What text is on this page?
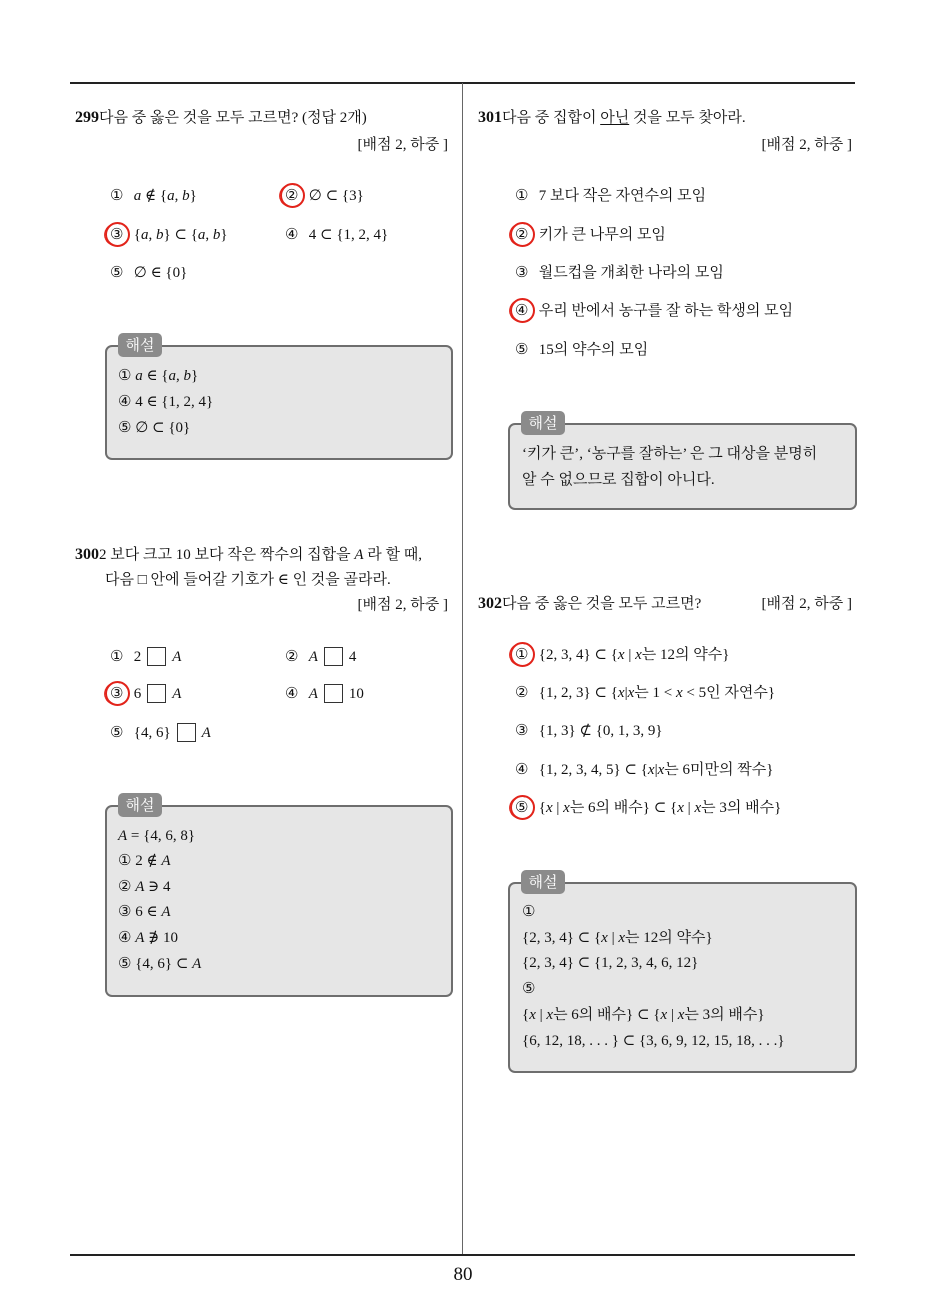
299다음 중 옳은 것을 모두 고르면? (정답 2개)
[배점 2, 하중 ]
① a ∉ {a, b}	② ∅ ⊂ {3}
③ {a, b} ⊂ {a, b}	④ 4 ⊂ {1, 2, 4}
⑤ ∅ ∈ {0}
해설
① a ∈ {a, b}
④ 4 ∈ {1, 2, 4}
⑤ ∅ ⊂ {0}
3002 보다 크고 10 보다 작은 짝수의 집합을 A 라 할 때,
다음 □ 안에 들어갈 기호가 ∈ 인 것을 골라라.
[배점 2, 하중 ]
① 2 A	② A 4
③ 6 A	④ A 10
⑤ {4, 6} A
해설
A = {4, 6, 8}
① 2 ∉ A
② A ∋ 4
③ 6 ∈ A
④ A ∌ 10
⑤ {4, 6} ⊂ A
301다음 중 집합이 아닌 것을 모두 찾아라.
[배점 2, 하중 ]
① 7 보다 작은 자연수의 모임
② 키가 큰 나무의 모임
③ 월드컵을 개최한 나라의 모임
④ 우리 반에서 농구를 잘 하는 학생의 모임
⑤ 15의 약수의 모임
해설
‘키가 큰’, ‘농구를 잘하는’ 은 그 대상을 분명히
알 수 없으므로 집합이 아니다.
302다음 중 옳은 것을 모두 고르면?	[배점 2, 하중 ]
① {2, 3, 4} ⊂ {x | x는 12의 약수}
② {1, 2, 3} ⊂ {x|x는 1 < x < 5인 자연수}
③ {1, 3} ⊄ {0, 1, 3, 9}
④ {1, 2, 3, 4, 5} ⊂ {x|x는 6미만의 짝수}
⑤ {x | x는 6의 배수} ⊂ {x | x는 3의 배수}
해설
①
{2, 3, 4} ⊂ {x | x는 12의 약수}
{2, 3, 4} ⊂ {1, 2, 3, 4, 6, 12}
⑤
{x | x는 6의 배수} ⊂ {x | x는 3의 배수}
{6, 12, 18, . . . } ⊂ {3, 6, 9, 12, 15, 18, . . .}
80
